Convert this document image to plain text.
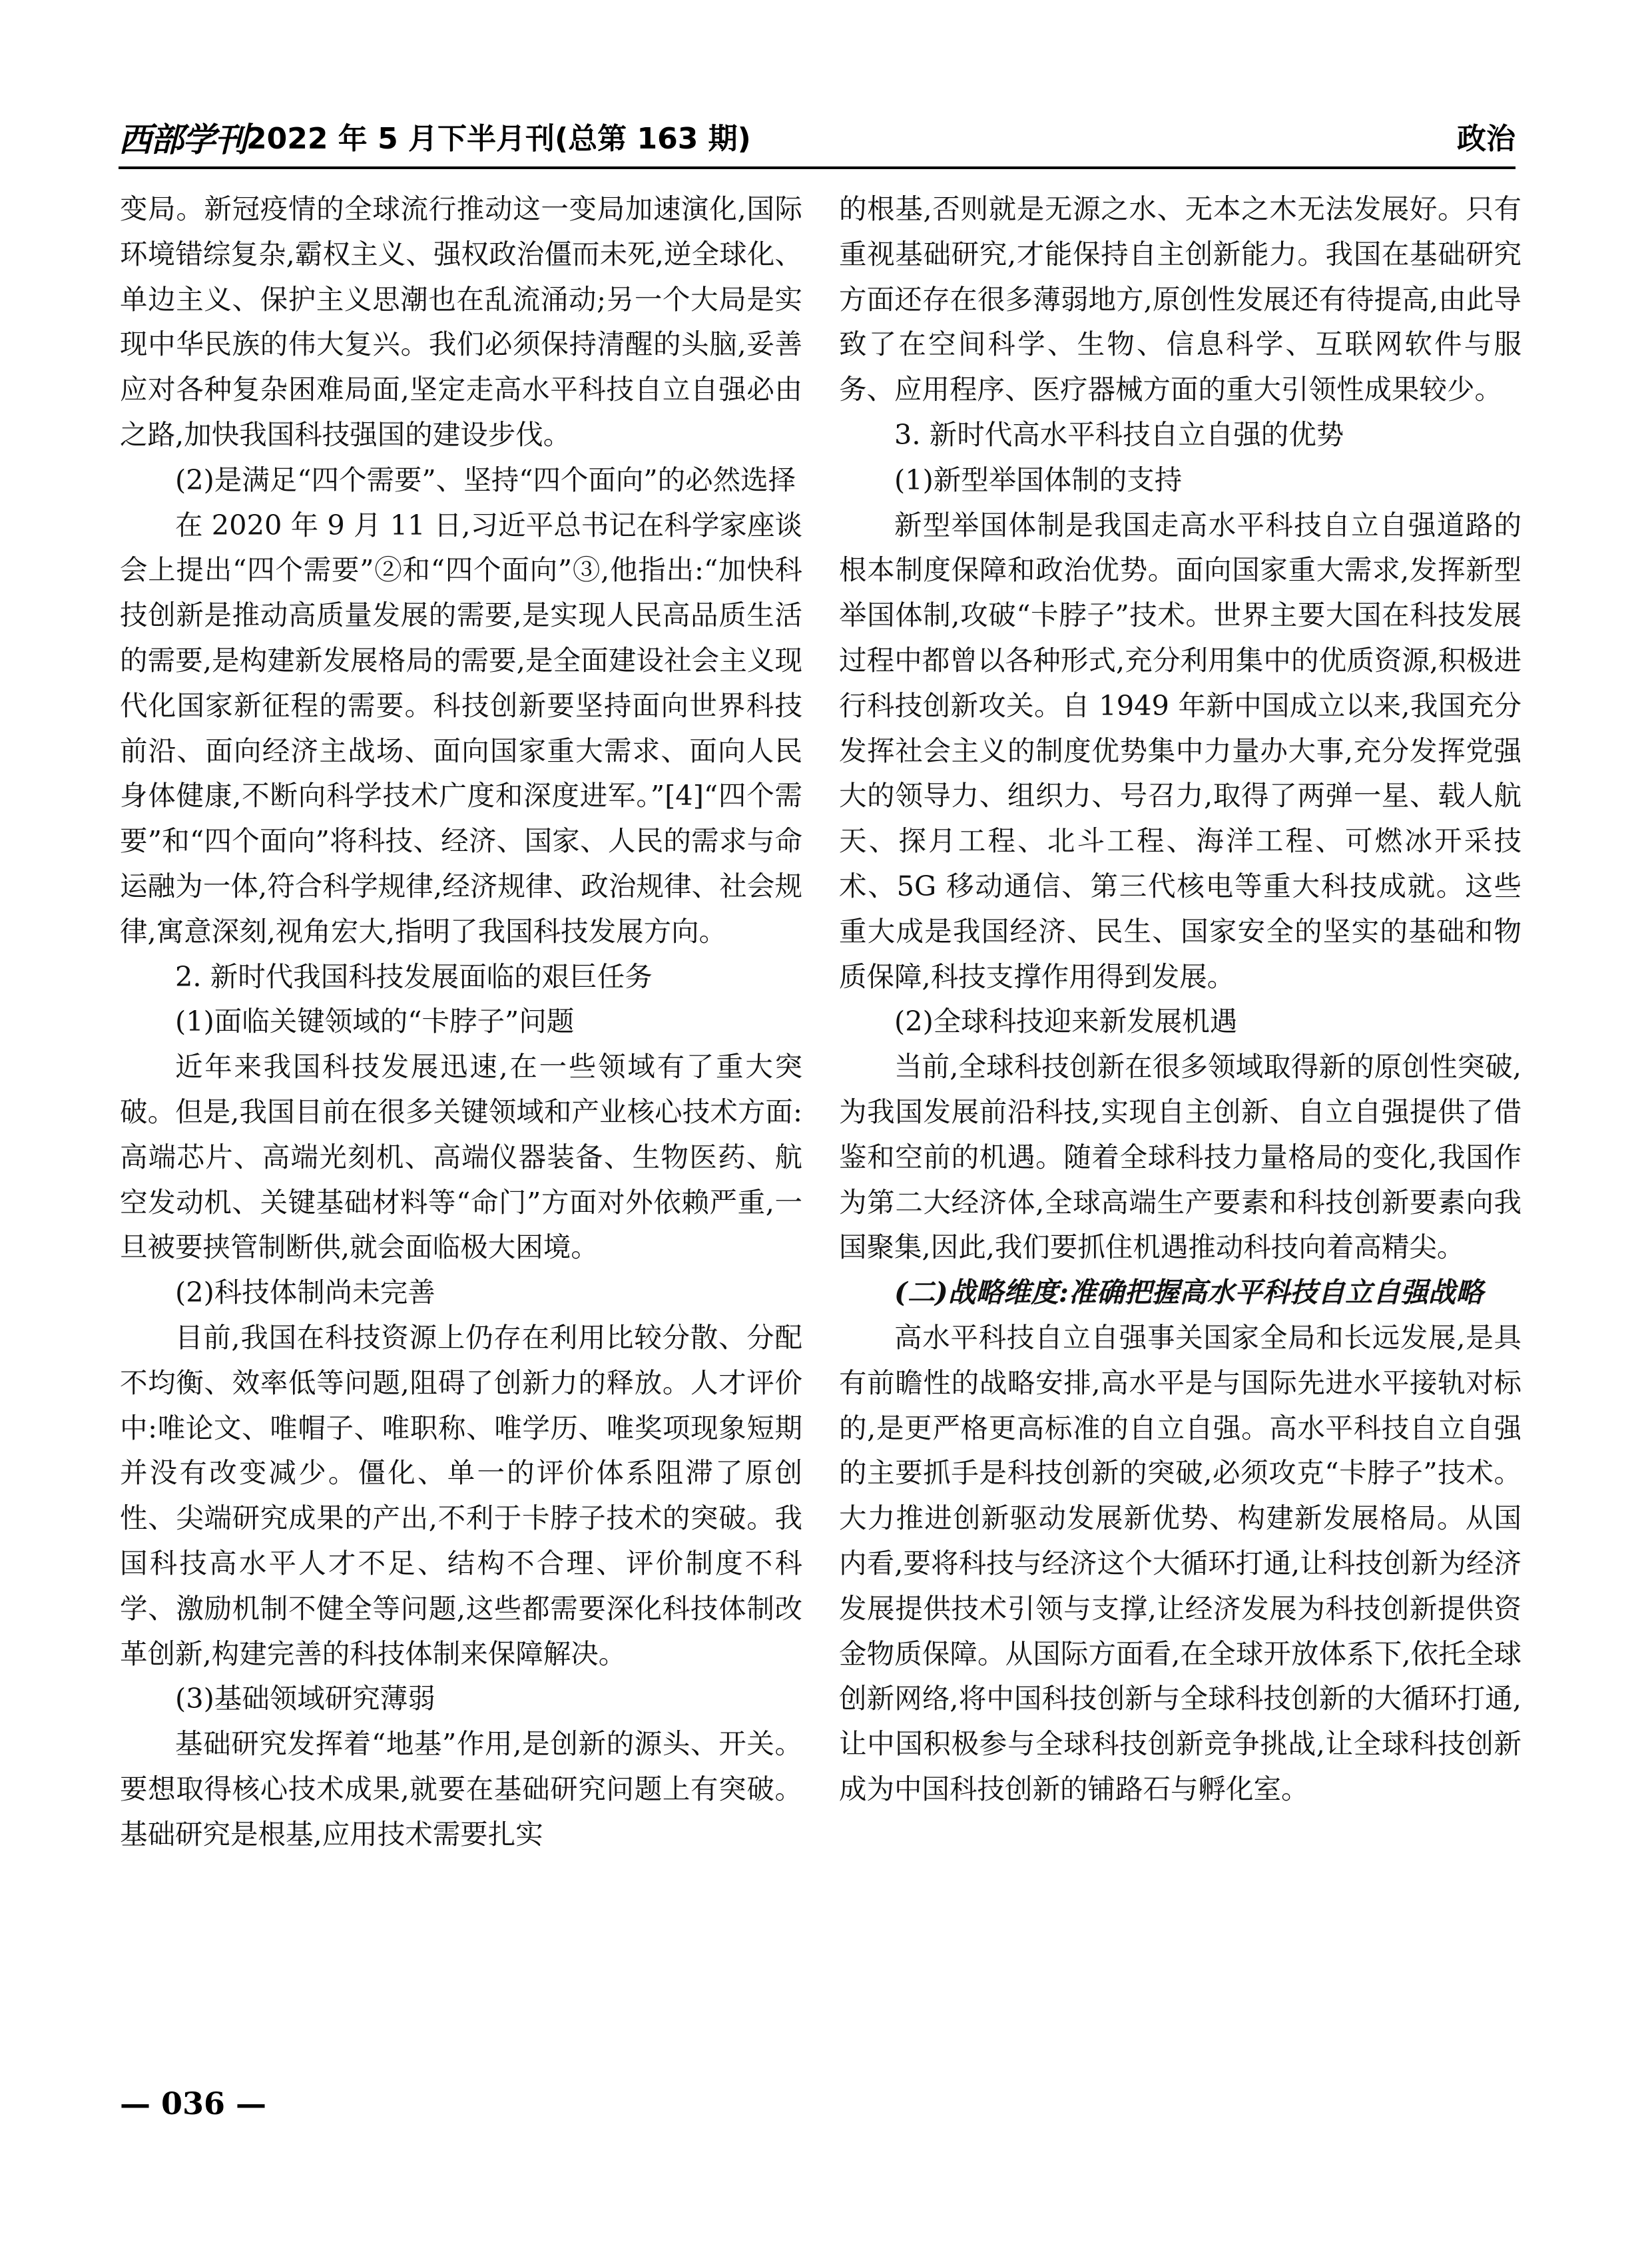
西部学刊 2022 年 5 月下半月刊(总第 163 期)	政治

变局。新冠疫情的全球流行推动这一变局加速演化,国际环境错综复杂,霸权主义、强权政治僵而未死,逆全球化、单边主义、保护主义思潮也在乱流涌动;另一个大局是实现中华民族的伟大复兴。我们必须保持清醒的头脑,妥善应对各种复杂困难局面,坚定走高水平科技自立自强必由之路,加快我国科技强国的建设步伐。

(2)是满足“四个需要”、坚持“四个面向”的必然选择

在 2020 年 9 月 11 日,习近平总书记在科学家座谈会上提出“四个需要”②和“四个面向”③,他指出:“加快科技创新是推动高质量发展的需要,是实现人民高品质生活的需要,是构建新发展格局的需要,是全面建设社会主义现代化国家新征程的需要。科技创新要坚持面向世界科技前沿、面向经济主战场、面向国家重大需求、面向人民身体健康,不断向科学技术广度和深度进军。”[4]“四个需要”和“四个面向”将科技、经济、国家、人民的需求与命运融为一体,符合科学规律,经济规律、政治规律、社会规律,寓意深刻,视角宏大,指明了我国科技发展方向。

2. 新时代我国科技发展面临的艰巨任务

(1)面临关键领域的“卡脖子”问题

近年来我国科技发展迅速,在一些领域有了重大突破。但是,我国目前在很多关键领域和产业核心技术方面:高端芯片、高端光刻机、高端仪器装备、生物医药、航空发动机、关键基础材料等“命门”方面对外依赖严重,一旦被要挟管制断供,就会面临极大困境。

(2)科技体制尚未完善

目前,我国在科技资源上仍存在利用比较分散、分配不均衡、效率低等问题,阻碍了创新力的释放。人才评价中:唯论文、唯帽子、唯职称、唯学历、唯奖项现象短期并没有改变减少。僵化、单一的评价体系阻滞了原创性、尖端研究成果的产出,不利于卡脖子技术的突破。我国科技高水平人才不足、结构不合理、评价制度不科学、激励机制不健全等问题,这些都需要深化科技体制改革创新,构建完善的科技体制来保障解决。

(3)基础领域研究薄弱

基础研究发挥着“地基”作用,是创新的源头、开关。要想取得核心技术成果,就要在基础研究问题上有突破。基础研究是根基,应用技术需要扎实

的根基,否则就是无源之水、无本之木无法发展好。只有重视基础研究,才能保持自主创新能力。我国在基础研究方面还存在很多薄弱地方,原创性发展还有待提高,由此导致了在空间科学、生物、信息科学、互联网软件与服务、应用程序、医疗器械方面的重大引领性成果较少。

3. 新时代高水平科技自立自强的优势

(1)新型举国体制的支持

新型举国体制是我国走高水平科技自立自强道路的根本制度保障和政治优势。面向国家重大需求,发挥新型举国体制,攻破“卡脖子”技术。世界主要大国在科技发展过程中都曾以各种形式,充分利用集中的优质资源,积极进行科技创新攻关。自 1949 年新中国成立以来,我国充分发挥社会主义的制度优势集中力量办大事,充分发挥党强大的领导力、组织力、号召力,取得了两弹一星、载人航天、探月工程、北斗工程、海洋工程、可燃冰开采技术、5G 移动通信、第三代核电等重大科技成就。这些重大成是我国经济、民生、国家安全的坚实的基础和物质保障,科技支撑作用得到发展。

(2)全球科技迎来新发展机遇

当前,全球科技创新在很多领域取得新的原创性突破,为我国发展前沿科技,实现自主创新、自立自强提供了借鉴和空前的机遇。随着全球科技力量格局的变化,我国作为第二大经济体,全球高端生产要素和科技创新要素向我国聚集,因此,我们要抓住机遇推动科技向着高精尖。

(二)战略维度:准确把握高水平科技自立自强战略

高水平科技自立自强事关国家全局和长远发展,是具有前瞻性的战略安排,高水平是与国际先进水平接轨对标的,是更严格更高标准的自立自强。高水平科技自立自强的主要抓手是科技创新的突破,必须攻克“卡脖子”技术。大力推进创新驱动发展新优势、构建新发展格局。从国内看,要将科技与经济这个大循环打通,让科技创新为经济发展提供技术引领与支撑,让经济发展为科技创新提供资金物质保障。从国际方面看,在全球开放体系下,依托全球创新网络,将中国科技创新与全球科技创新的大循环打通,让中国积极参与全球科技创新竞争挑战,让全球科技创新成为中国科技创新的铺路石与孵化室。

— 036 —
